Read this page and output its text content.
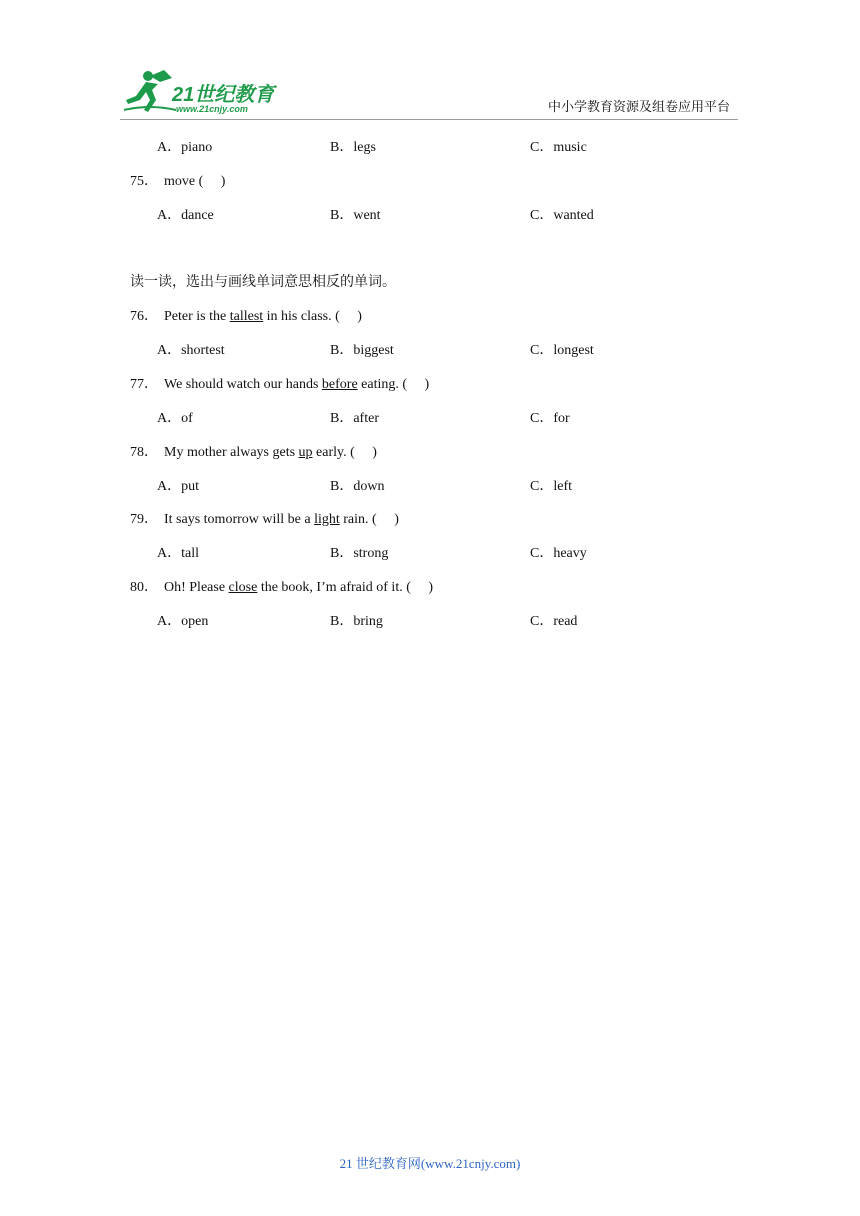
21世纪教育
www.21cnjy.com	中小学教育资源及组卷应用平台
A．piano	B．legs	C．music
75． move (　 )
A．dance	B．went	C．wanted
读一读，选出与画线单词意思相反的单词。
76． Peter is the tallest in his class. (　 )
A．shortest	B．biggest	C．longest
77． We should watch our hands before eating. (　 )
A．of	B．after	C．for
78． My mother always gets up early. (　 )
A．put	B．down	C．left
79． It says tomorrow will be a light rain. (　 )
A．tall	B．strong	C．heavy
80． Oh! Please close the book, I’m afraid of it. (　 )
A．open	B．bring	C．read
21 世纪教育网(www.21cnjy.com)
